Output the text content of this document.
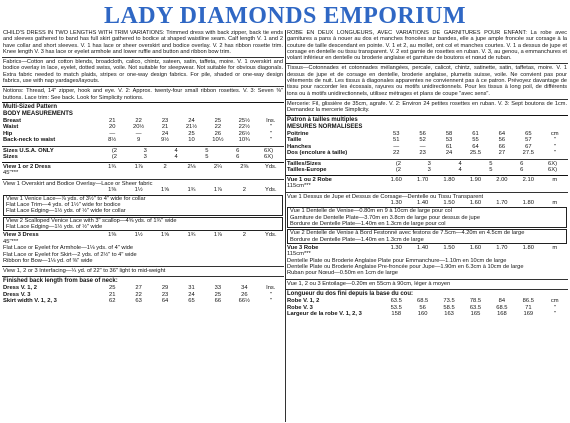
LADY DIAMONDS EMPORIUM
CHILD'S DRESS IN TWO LENGTHS WITH TRIM VARIATIONS: Trimmed dress with back zipper, back tie ends and sleeves gathered to band has full skirt gathered to bodice at shaped waistline seam. Calf length V. 1 and 2 have collar and short sleeves. V. 1 has lace or sheer overskirt and bodice overlay. V. 2 has ribbon rosette trim. Knee length V. 3 has lace or eyelet armhole and lower ruffle and button and ribbon bow trim.
Fabrics—Cotton and cotton blends, broadcloth, calico, chintz, sateen, satin, taffeta, moire. V. 1 overskirt and bodice overlay in lace, eyelet, dotted swiss, voile. Not suitable for sleepwear. Not suitable for obvious diagonals. Extra fabric needed to match plaids, stripes or one-way design fabrics. For pile, shaded or one-way design fabrics, use with nap yardages/layouts.
Notions: Thread, 14" zipper, hook and eye. V. 2: Approx. twenty-four small ribbon rosettes. V. 3: Seven ⅜" buttons. Lace trim: See back. Look for Simplicity notions.
Multi-Sized Pattern
BODY MEASUREMENTS
Breast	21	22	23	24	25	25½	Ins.
Waist	20	20½	21	21½	22	22½	"
Hip	—	—	24	25	26	26½	"
Back-neck to waist	8½	9	9½	10	10½	10¾	"
Sizes U.S.A. ONLY	(2	3	4	5	6	6X)
Sizes	(2	3	4	5	6	6X)
View 1 or 2 Dress	1¾	1⅞	2	2⅛	2¼	2⅜	Yds.
45"***
View 1 Overskirt and Bodice Overlay—Lace or Sheer fabric
	1⅜	1½	1⅝	1¾	1⅞	2	Yds.
View 1 Venice Lace—⅞ yds. of 3½" to 4" wide for collar
Flat Lace Trim—4 yds. of 1½" wide for bodice
Flat Lace Edging—1½ yds. of ½" wide for collar
View 2 Scalloped Venice Lace with 3" scallop—4⅝ yds. of 1¾" wide
Flat Lace Edging—1½ yds. of ½" wide
View 3 Dress	1⅜	1½	1⅝	1¾	1⅞	2	Yds.
45"***
Flat Lace or Eyelet for Armhole—1⅛ yds. of 4" wide
Flat Lace or Eyelet for Skirt—2 yds. of 2½" to 4" wide
Ribbon for Bow—1⅛ yd. of ⅜" wide
View 1, 2 or 3 Interfacing—¼ yd. of 22" to 36" light to mid-weight
Finished back length from base of neck:
Dress V. 1, 2	25	27	29	31	33	34	Ins.
Dress V. 3	21	22	23	24	25	26	"
Skirt width V. 1, 2, 3	62	63	64	65	66	66½	"
ROBE EN DEUX LONGUEURS, AVEC VARIATIONS DE GARNITURES POUR ENFANT: La robe avec garnitures a pans à nouer au dos et manches froncées sur bandes, elle a jupe ample froncée sur corsage à la couture de taille descendant en pointe. V. 1 et 2, au mollet, ont col et manches courtes. V. 1 a dessus de jupe et corsage en dentelle ou tissu transparent. V. 2 est garnie de rosettes en ruban. V. 3, au genou, a emmanchures et volant inférieur en dentelle ou broderie anglaise et garniture de boutons et nœud de ruban.
Tissus—Cotonnades et cotonnades mélangées, percale, calicot, chintz, satinette, satin, taffetas, moire. V. 1 dessus de jupe et de corsage en dentelle, broderie anglaise, plumetis suisse, voile. Ne convient pas pour vêtements de nuit. Les tissus à diagonales apparentes ne conviennent pas à ce patron. Prévoyez davantage de tissu pour raccorder les écossais, rayures ou motifs unidirectionnels. Pour les tissus à long poil, de différents tons ou à motifs unidirectionnels, utilisez métrages et plans de coupe "avec sens".
Mercerie: Fil, glissière de 35cm, agrafe. V. 2: Environ 24 petites rosettes en ruban. V. 3: Sept boutons de 1cm. Demandez la mercerie Simplicity.
Patron à tailles multiples
MESURES NORMALISEES
Poitrine	53	56	58	61	64	65	cm
Taille	51	52	53	55	56	57	"
Hanches	—	—	61	64	66	67	"
Dos (encolure à taille)	22	23	24	25.5	27	27.5	"
Tailles/Sizes	(2	3	4	5	6	6X)
Tailles-Europe	(2	3	4	5	6	6X)
Vue 1 ou 2 Robe	1.60	1.70	1.80	1.90	2.00	2.10	m
115cm***
Vue 1 Dessus de Jupe et Dessus de Corsage—Dentelle ou Tissu Transparent
	1.30	1.40	1.50	1.60	1.70	1.80	m
Vue 1 Dentelle de Venise—0.80m en 9 à 10cm de large pour col
Garniture de Dentelle Plate—3.70m en 3.8cm de large pour dessus de jupe
Bordure de Dentelle Plate—1.40m en 1.3cm de large pour col
Vue 2 Dentelle de Venise à Bord Festonné avec festons de 7.5cm—4.20m en 4.5cm de large
Bordure de Dentelle Plate—1.40m en 1.3cm de large
Vue 3 Robe	1.30	1.40	1.50	1.60	1.70	1.80	m
115cm***
Dentelle Plate ou Broderie Anglaise Plate pour Emmanchure—1.10m en 10cm de large
Dentelle Plate ou Broderie Anglaise Pre-froncée pour Jupe—1.90m en 6.3cm à 10cm de large
Ruban pour Nœud—0.50m en 1cm de large
Vue 1, 2 ou 3 Entoilage—0.20m en 55cm à 90cm, léger à moyen
Longueur du dos fini depuis la base du cou:
Robe V. 1, 2	63.5	68.5	73.5	78.5	84	86.5	cm
Robe V. 3	53.5	56	58.5	63.5	68.5	71	"
Largeur de la robe V. 1, 2, 3	158	160	163	165	168	169	"
